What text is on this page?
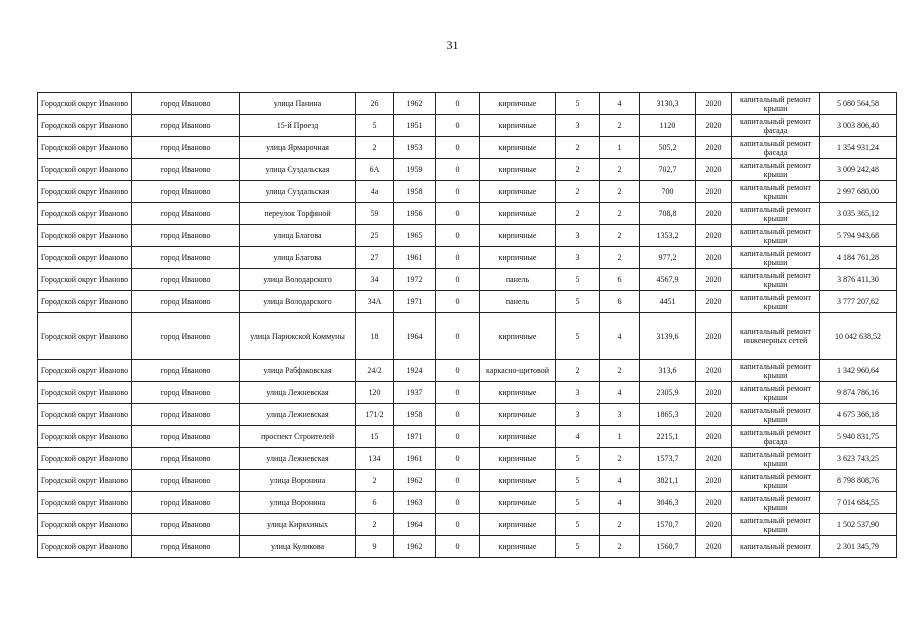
31
Городской округ Иваново	город Иваново	улица Панина	26	1962	0	кирпичные	5	4	3130,3	2020	капитальный ремонт крыши	5 080 564,58
Городской округ Иваново	город Иваново	15-й Проезд	5	1951	0	кирпичные	3	2	1120	2020	капитальный ремонт фасада	3 003 806,40
Городской округ Иваново	город Иваново	улица Ярмарочная	2	1953	0	кирпичные	2	1	505,2	2020	капитальный ремонт фасада	1 354 931,24
Городской округ Иваново	город Иваново	улица Суздальская	6А	1959	0	кирпичные	2	2	702,7	2020	капитальный ремонт крыши	3 009 242,48
Городской округ Иваново	город Иваново	улица Суздальская	4а	1958	0	кирпичные	2	2	700	2020	капитальный ремонт крыши	2 997 680,00
Городской округ Иваново	город Иваново	переулок Торфяной	59	1956	0	кирпичные	2	2	708,8	2020	капитальный ремонт крыши	3 035 365,12
Городской округ Иваново	город Иваново	улица Благова	25	1965	0	кирпичные	3	2	1353,2	2020	капитальный ремонт крыши	5 794 943,68
Городской округ Иваново	город Иваново	улица Благова	27	1961	0	кирпичные	3	2	977,2	2020	капитальный ремонт крыши	4 184 761,28
Городской округ Иваново	город Иваново	улица Володарского	34	1972	0	панель	5	6	4567,9	2020	капитальный ремонт крыши	3 876 411,30
Городской округ Иваново	город Иваново	улица Володарского	34А	1971	0	панель	5	6	4451	2020	капитальный ремонт крыши	3 777 207,62
Городской округ Иваново	город Иваново	улица Парижской Коммуны	18	1964	0	кирпичные	5	4	3139,6	2020	капитальный ремонт инженерных сетей	10 042 638,52
Городской округ Иваново	город Иваново	улица Рабфаковская	24/2	1924	0	каркасно-щитовой	2	2	313,6	2020	капитальный ремонт крыши	1 342 960,64
Городской округ Иваново	город Иваново	улица Лежневская	120	1937	0	кирпичные	3	4	2305,9	2020	капитальный ремонт крыши	9 874 786,16
Городской округ Иваново	город Иваново	улица Лежневская	171/2	1958	0	кирпичные	3	3	1865,3	2020	капитальный ремонт крыши	4 675 366,18
Городской округ Иваново	город Иваново	проспект Строителей	15	1971	0	кирпичные	4	1	2215,1	2020	капитальный ремонт фасада	5 940 831,75
Городской округ Иваново	город Иваново	улица Лежневская	134	1961	0	кирпичные	5	2	1573,7	2020	капитальный ремонт крыши	3 623 743,25
Городской округ Иваново	город Иваново	улица Воронина	2	1962	0	кирпичные	5	4	3821,1	2020	капитальный ремонт крыши	8 798 808,76
Городской округ Иваново	город Иваново	улица Воронина	6	1963	0	кирпичные	5	4	3046,3	2020	капитальный ремонт крыши	7 014 684,55
Городской округ Иваново	город Иваново	улица Киряхиных	2	1964	0	кирпичные	5	2	1570,7	2020	капитальный ремонт крыши	1 502 537,90
Городской округ Иваново	город Иваново	улица Куликова	9	1962	0	кирпичные	5	2	1560,7	2020	капитальный ремонт	2 301 345,79
